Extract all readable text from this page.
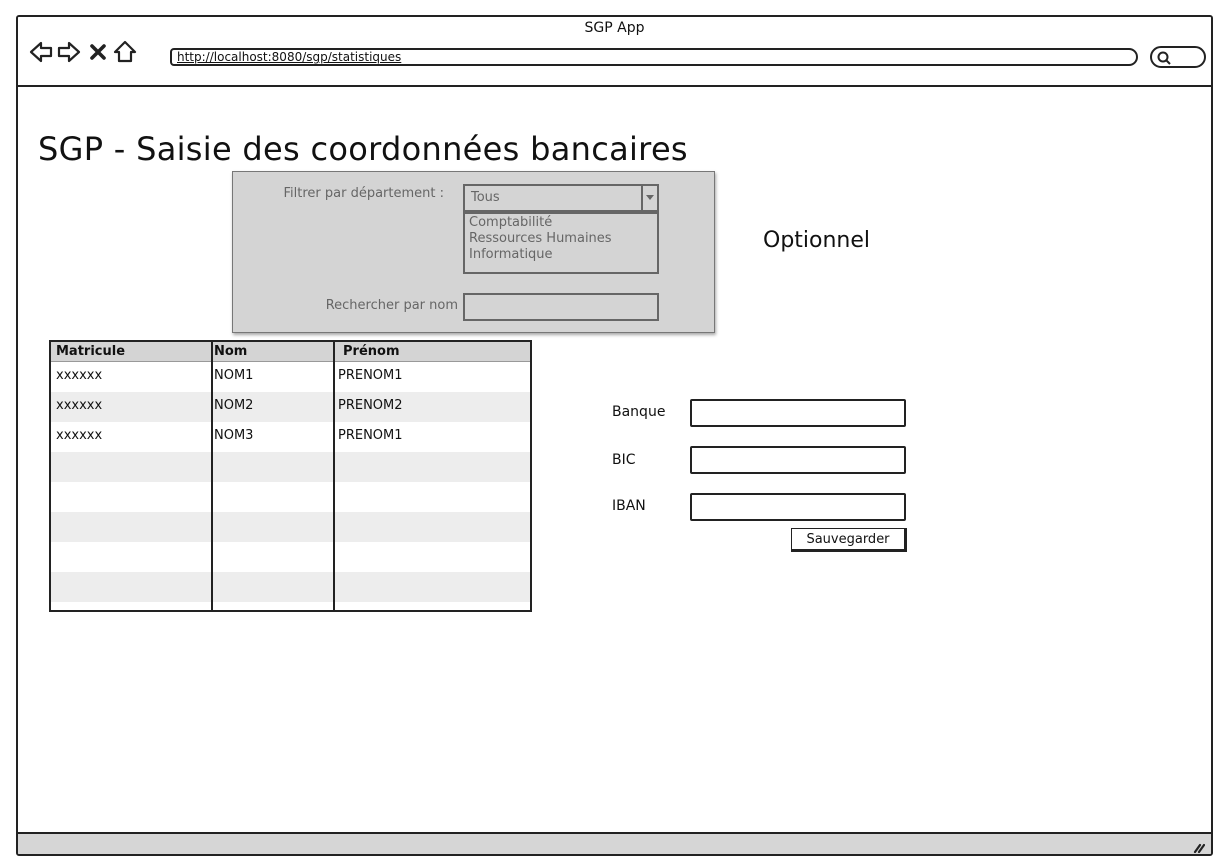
SGP App
http://localhost:8080/sgp/statistiques
SGP - Saisie des coordonnées bancaires
Filtrer par département :	Tous
Comptabilité
Ressources Humaines
Informatique
Rechercher par nom
Optionnel
Matricule	Nom	Prénom
xxxxxx	NOM1	PRENOM1
xxxxxx	NOM2	PRENOM2
xxxxxx	NOM3	PRENOM1
Banque
BIC
IBAN
Sauvegarder
